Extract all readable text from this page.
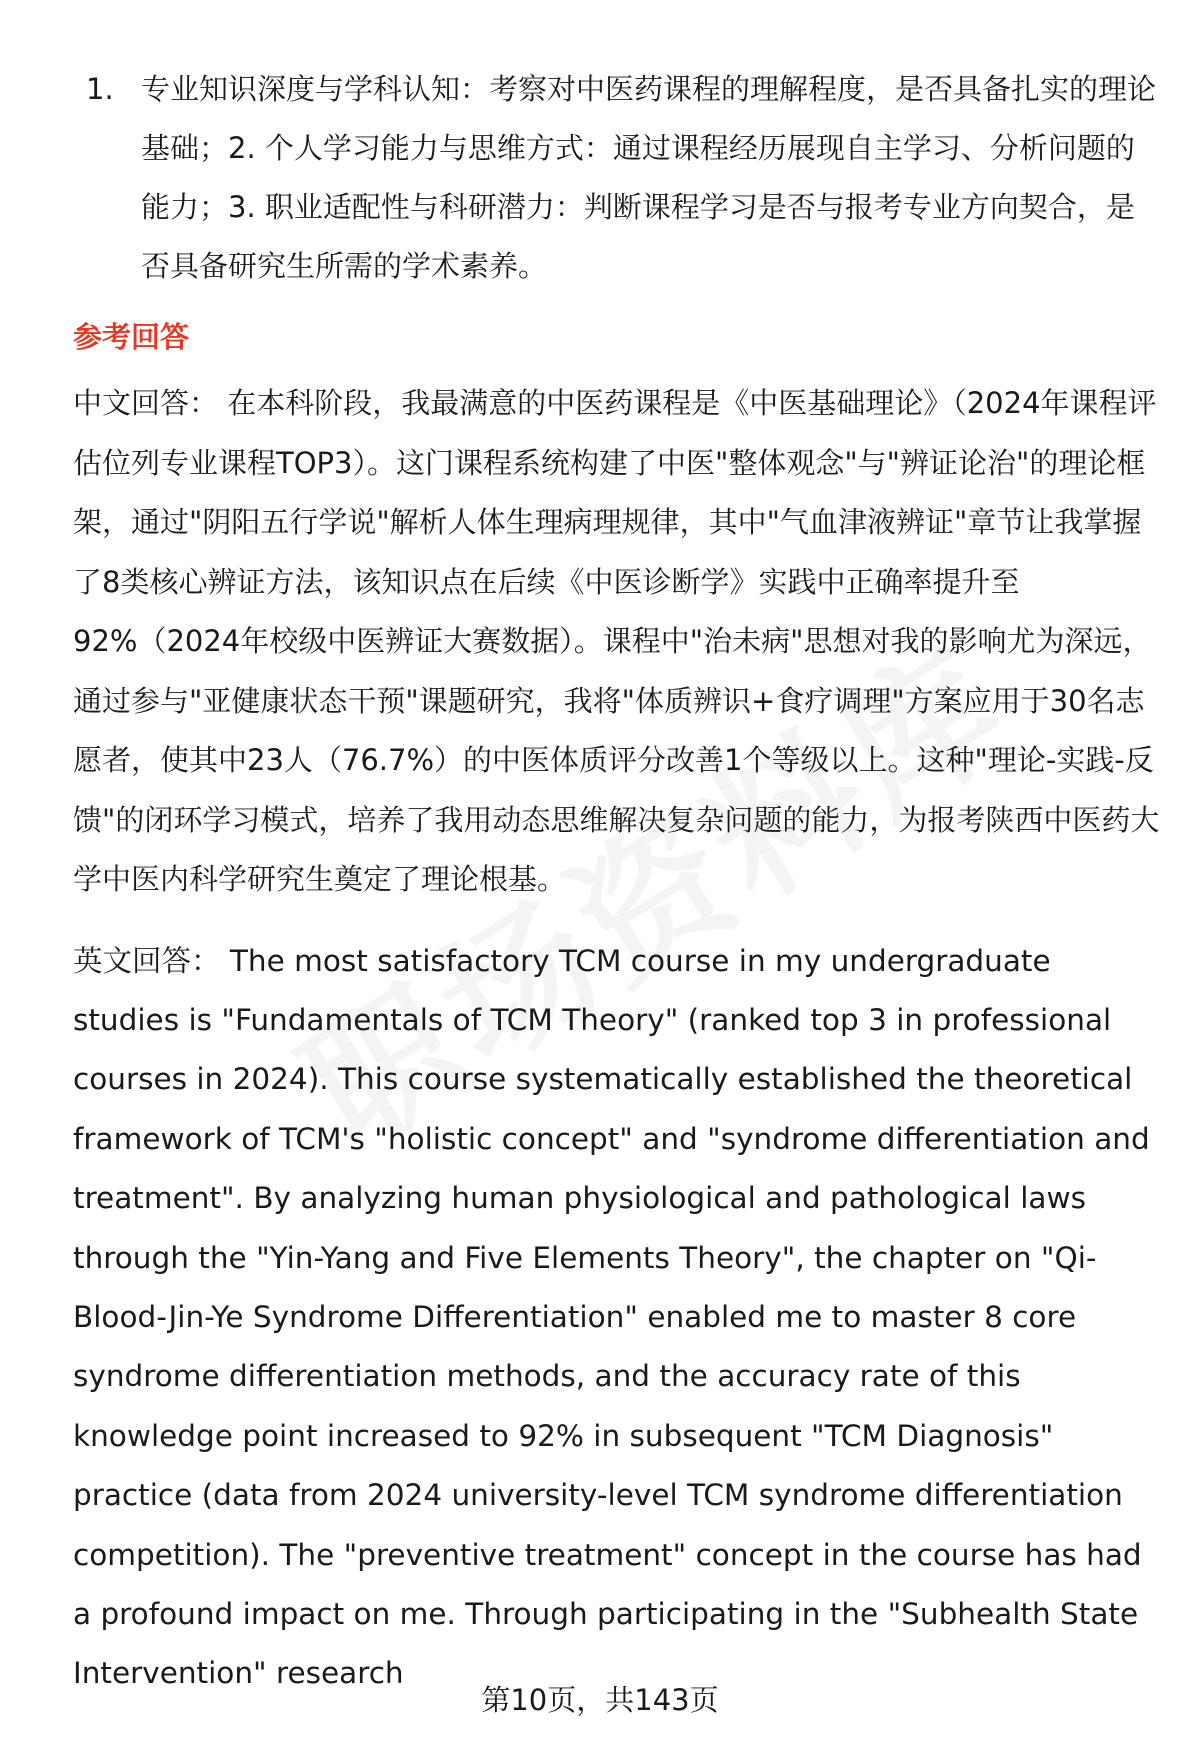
1. 专业知识深度与学科认知：考察对中医药课程的理解程度，是否具备扎实的理论基础；2. 个人学习能力与思维方式：通过课程经历展现自主学习、分析问题的能力；3. 职业适配性与科研潜力：判断课程学习是否与报考专业方向契合，是否具备研究生所需的学术素养。
参考回答
中文回答： 在本科阶段，我最满意的中医药课程是《中医基础理论》（2024年课程评估位列专业课程TOP3）。这门课程系统构建了中医"整体观念"与"辨证论治"的理论框架，通过"阴阳五行学说"解析人体生理病理规律，其中"气血津液辨证"章节让我掌握了8类核心辨证方法，该知识点在后续《中医诊断学》实践中正确率提升至92%（2024年校级中医辨证大赛数据）。课程中"治未病"思想对我的影响尤为深远，通过参与"亚健康状态干预"课题研究，我将"体质辨识+食疗调理"方案应用于30名志愿者，使其中23人（76.7%）的中医体质评分改善1个等级以上。这种"理论-实践-反馈"的闭环学习模式，培养了我用动态思维解决复杂问题的能力，为报考陕西中医药大学中医内科学研究生奠定了理论根基。
英文回答： The most satisfactory TCM course in my undergraduate studies is "Fundamentals of TCM Theory" (ranked top 3 in professional courses in 2024). This course systematically established the theoretical framework of TCM's "holistic concept" and "syndrome differentiation and treatment". By analyzing human physiological and pathological laws through the "Yin-Yang and Five Elements Theory", the chapter on "Qi-Blood-Jin-Ye Syndrome Differentiation" enabled me to master 8 core syndrome differentiation methods, and the accuracy rate of this knowledge point increased to 92% in subsequent "TCM Diagnosis" practice (data from 2024 university-level TCM syndrome differentiation competition). The "preventive treatment" concept in the course has had a profound impact on me. Through participating in the "Subhealth State Intervention" research
第10页，共143页
